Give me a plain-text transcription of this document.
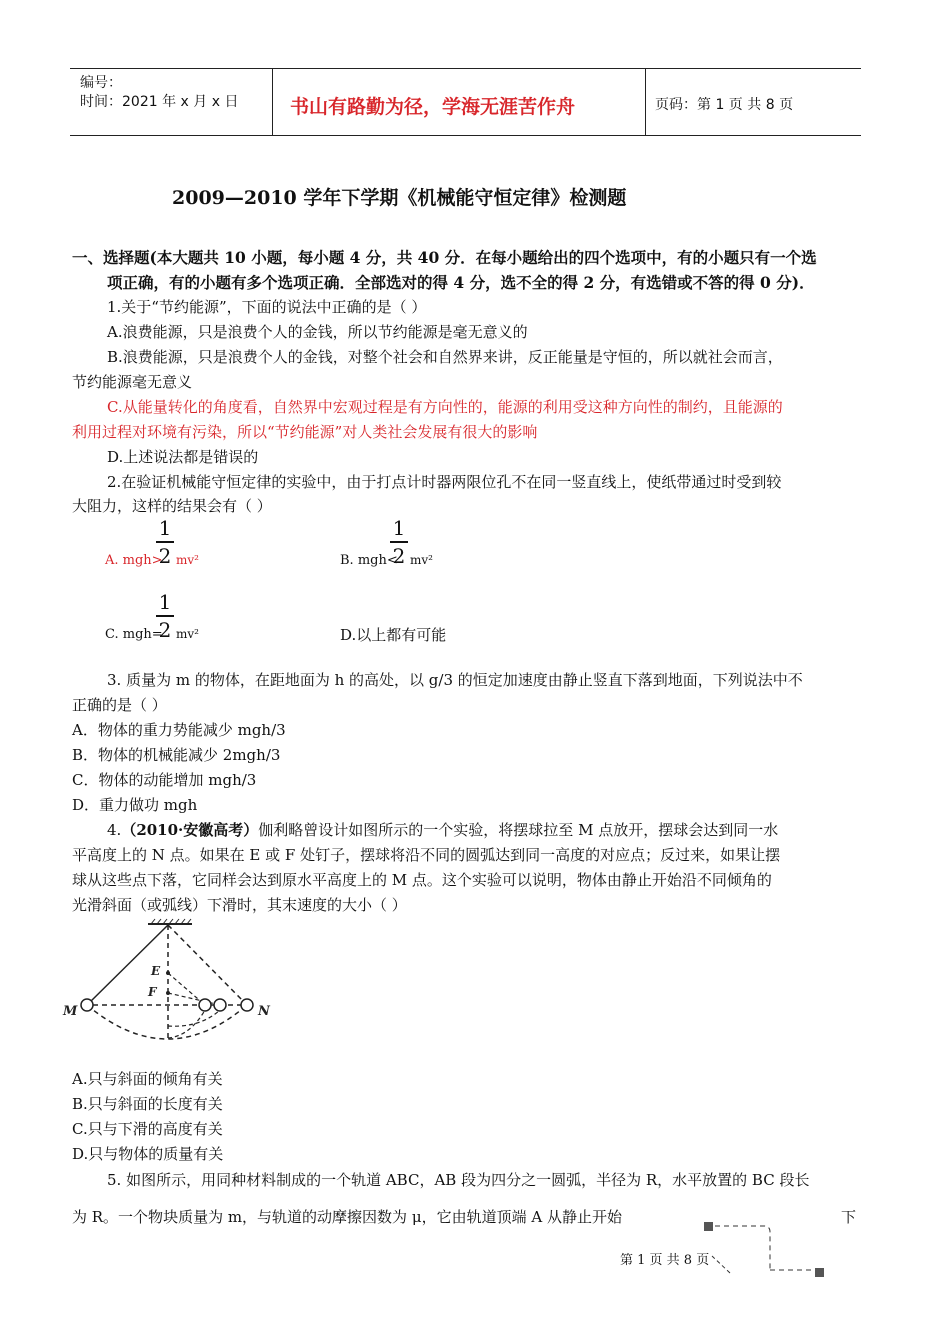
编号：
时间：2021 年 x 月 x 日	书山有路勤为径，学海无涯苦作舟	页码：第 1 页 共 8 页
2009—2010 学年下学期《机械能守恒定律》检测题
一、选择题(本大题共 10 小题，每小题 4 分，共 40 分．在每小题给出的四个选项中，有的小题只有一个选
项正确，有的小题有多个选项正确．全部选对的得 4 分，选不全的得 2 分，有选错或不答的得 0 分)．
1.关于“节约能源”，下面的说法中正确的是（ ）
A.浪费能源，只是浪费个人的金钱，所以节约能源是毫无意义的
B.浪费能源，只是浪费个人的金钱，对整个社会和自然界来讲，反正能量是守恒的，所以就社会而言，
节约能源毫无意义
C.从能量转化的角度看，自然界中宏观过程是有方向性的，能源的利用受这种方向性的制约，且能源的
利用过程对环境有污染，所以“节约能源”对人类社会发展有很大的影响
D.上述说法都是错误的
2.在验证机械能守恒定律的实验中，由于打点计时器两限位孔不在同一竖直线上，使纸带通过时受到较
大阻力，这样的结果会有（ ）
A. mgh>
1
2 mv²	B. mgh<
1
2 mv²
C. mgh=
1
2 mv²	D.以上都有可能
3. 质量为 m 的物体，在距地面为 h 的高处，以 g/3 的恒定加速度由静止竖直下落到地面，下列说法中不
正确的是（ ）
A．物体的重力势能减少 mgh/3
B．物体的机械能减少 2mgh/3
C．物体的动能增加 mgh/3
D．重力做功 mgh
4.（2010·安徽高考）伽利略曾设计如图所示的一个实验，将摆球拉至 M 点放开，摆球会达到同一水
平高度上的 N 点。如果在 E 或 F 处钉子，摆球将沿不同的圆弧达到同一高度的对应点；反过来，如果让摆
球从这些点下落，它同样会达到原水平高度上的 M 点。这个实验可以说明，物体由静止开始沿不同倾角的
光滑斜面（或弧线）下滑时，其末速度的大小（ ）
M	N
E
F
A.只与斜面的倾角有关
B.只与斜面的长度有关
C.只与下滑的高度有关
D.只与物体的质量有关
5. 如图所示，用同种材料制成的一个轨道 ABC，AB 段为四分之一圆弧，半径为 R，水平放置的 BC 段长
为 R。一个物块质量为 m，与轨道的动摩擦因数为 μ，它由轨道顶端 A 从静止开始	下
第 1 页 共 8 页
